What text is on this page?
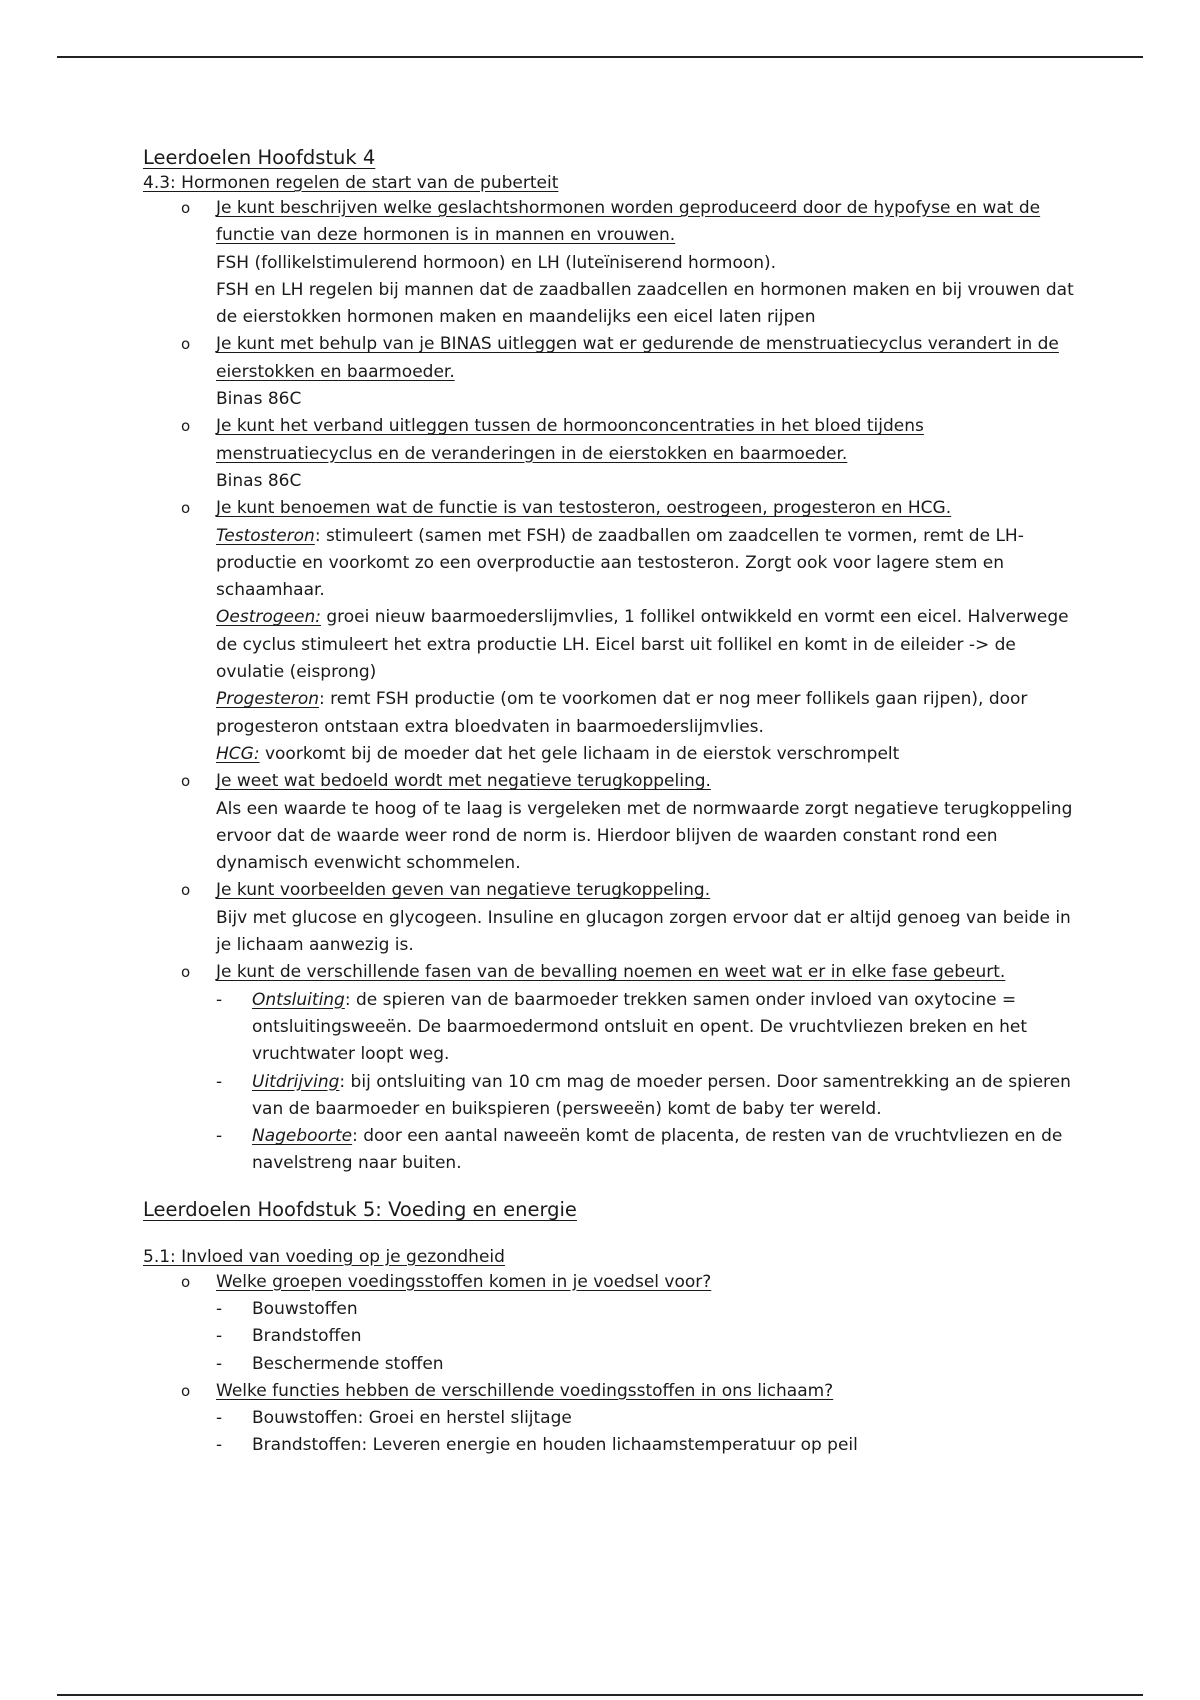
Leerdoelen Hoofdstuk 4
4.3: Hormonen regelen de start van de puberteit
o Je kunt beschrijven welke geslachtshormonen worden geproduceerd door de hypofyse en wat de functie van deze hormonen is in mannen en vrouwen.
FSH (follikelstimulerend hormoon) en LH (luteïniserend hormoon).
FSH en LH regelen bij mannen dat de zaadballen zaadcellen en hormonen maken en bij vrouwen dat de eierstokken hormonen maken en maandelijks een eicel laten rijpen
o Je kunt met behulp van je BINAS uitleggen wat er gedurende de menstruatiecyclus verandert in de eierstokken en baarmoeder.
Binas 86C
o Je kunt het verband uitleggen tussen de hormoonconcentraties in het bloed tijdens menstruatiecyclus en de veranderingen in de eierstokken en baarmoeder.
Binas 86C
o Je kunt benoemen wat de functie is van testosteron, oestrogeen, progesteron en HCG.
Testosteron: stimuleert (samen met FSH) de zaadballen om zaadcellen te vormen, remt de LH-productie en voorkomt zo een overproductie aan testosteron. Zorgt ook voor lagere stem en schaamhaar.
Oestrogeen: groei nieuw baarmoederslijmvlies, 1 follikel ontwikkeld en vormt een eicel. Halverwege de cyclus stimuleert het extra productie LH. Eicel barst uit follikel en komt in de eileider -> de ovulatie (eisprong)
Progesteron: remt FSH productie (om te voorkomen dat er nog meer follikels gaan rijpen), door progesteron ontstaan extra bloedvaten in baarmoederslijmvlies.
HCG: voorkomt bij de moeder dat het gele lichaam in de eierstok verschrompelt
o Je weet wat bedoeld wordt met negatieve terugkoppeling.
Als een waarde te hoog of te laag is vergeleken met de normwaarde zorgt negatieve terugkoppeling ervoor dat de waarde weer rond de norm is. Hierdoor blijven de waarden constant rond een dynamisch evenwicht schommelen.
o Je kunt voorbeelden geven van negatieve terugkoppeling.
Bijv met glucose en glycogeen. Insuline en glucagon zorgen ervoor dat er altijd genoeg van beide in je lichaam aanwezig is.
o Je kunt de verschillende fasen van de bevalling noemen en weet wat er in elke fase gebeurt.
- Ontsluiting: de spieren van de baarmoeder trekken samen onder invloed van oxytocine = ontsluitingsweeën. De baarmoedermond ontsluit en opent. De vruchtvliezen breken en het vruchtwater loopt weg.
- Uitdrijving: bij ontsluiting van 10 cm mag de moeder persen. Door samentrekking an de spieren van de baarmoeder en buikspieren (persweeën) komt de baby ter wereld.
- Nageboorte: door een aantal naweeën komt de placenta, de resten van de vruchtvliezen en de navelstreng naar buiten.
Leerdoelen Hoofdstuk 5: Voeding en energie
5.1: Invloed van voeding op je gezondheid
o Welke groepen voedingsstoffen komen in je voedsel voor?
- Bouwstoffen
- Brandstoffen
- Beschermende stoffen
o Welke functies hebben de verschillende voedingsstoffen in ons lichaam?
- Bouwstoffen: Groei en herstel slijtage
- Brandstoffen: Leveren energie en houden lichaamstemperatuur op peil
